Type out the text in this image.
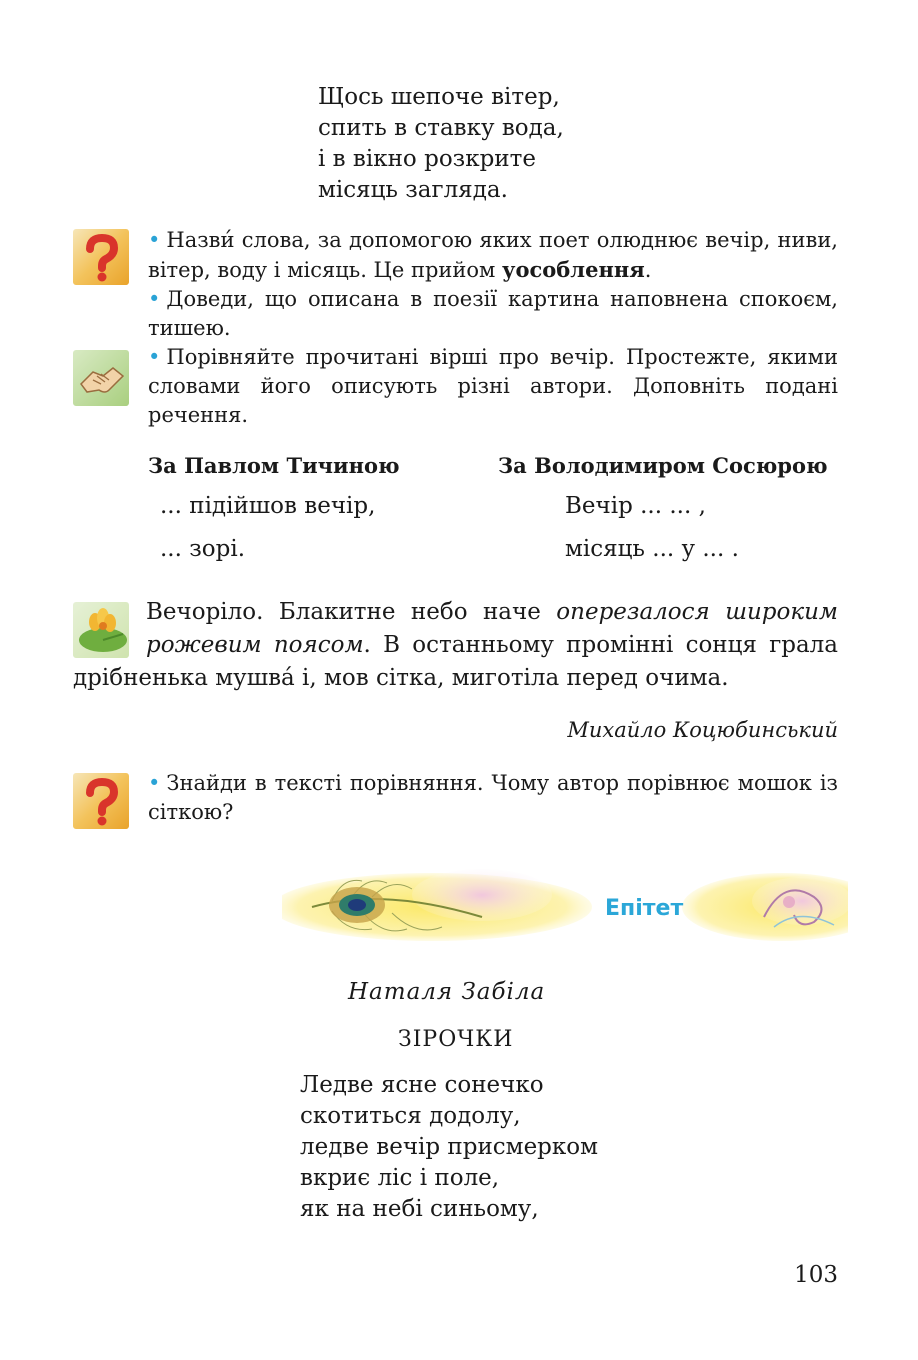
Щось шепоче вітер,
спить в ставку вода,
і в вікно розкрите
місяць загляда.

• Назви́ слова, за допомогою яких поет олюднює вечір, ниви, вітер, воду і місяць. Це прийом уособлення.

• Доведи, що описана в поезії картина наповнена спокоєм, тишею.

• Порівняйте прочитані вірші про вечір. Простежте, якими словами його описують різні автори. Доповніть подані речення.

За Павлом Тичиною	За Володимиром Сосюрою
... підійшов вечір,	Вечір ... ... ,
... зорі.	місяць ... у ... .
Вечоріло. Блакитне небо наче оперезалося широким рожевим поясом. В останньому промінні сонця грала дрібненька мушва́ і, мов сітка, миготіла перед очима.
Михайло Коцюбинський

• Знайди в тексті порівняння. Чому автор порівнює мошок із сіткою?

Епітет
Наталя Забіла
ЗІРОЧКИ
Ледве ясне сонечко
скотиться додолу,
ледве вечір присмерком
вкриє ліс і поле,
як на небі синьому,
103
